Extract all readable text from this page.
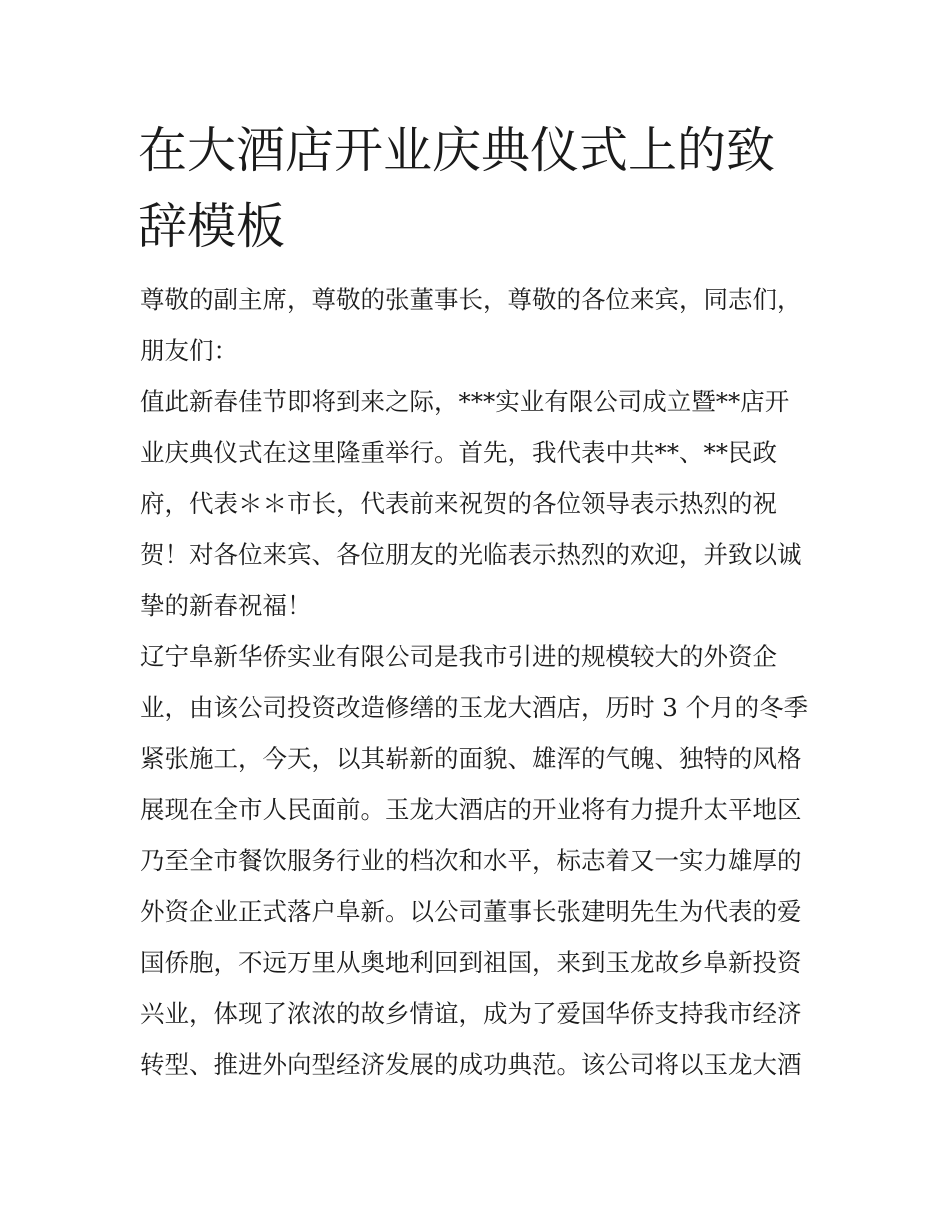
在大酒店开业庆典仪式上的致
辞模板
尊敬的副主席，尊敬的张董事长，尊敬的各位来宾，同志们，
朋友们：
值此新春佳节即将到来之际，***实业有限公司成立暨**店开
业庆典仪式在这里隆重举行。首先，我代表中共**、**民政
府，代表＊＊市长，代表前来祝贺的各位领导表示热烈的祝
贺！对各位来宾、各位朋友的光临表示热烈的欢迎，并致以诚
挚的新春祝福！
辽宁阜新华侨实业有限公司是我市引进的规模较大的外资企
业，由该公司投资改造修缮的玉龙大酒店，历时 3 个月的冬季
紧张施工，今天，以其崭新的面貌、雄浑的气魄、独特的风格
展现在全市人民面前。玉龙大酒店的开业将有力提升太平地区
乃至全市餐饮服务行业的档次和水平，标志着又一实力雄厚的
外资企业正式落户阜新。以公司董事长张建明先生为代表的爱
国侨胞，不远万里从奥地利回到祖国，来到玉龙故乡阜新投资
兴业，体现了浓浓的故乡情谊，成为了爱国华侨支持我市经济
转型、推进外向型经济发展的成功典范。该公司将以玉龙大酒
